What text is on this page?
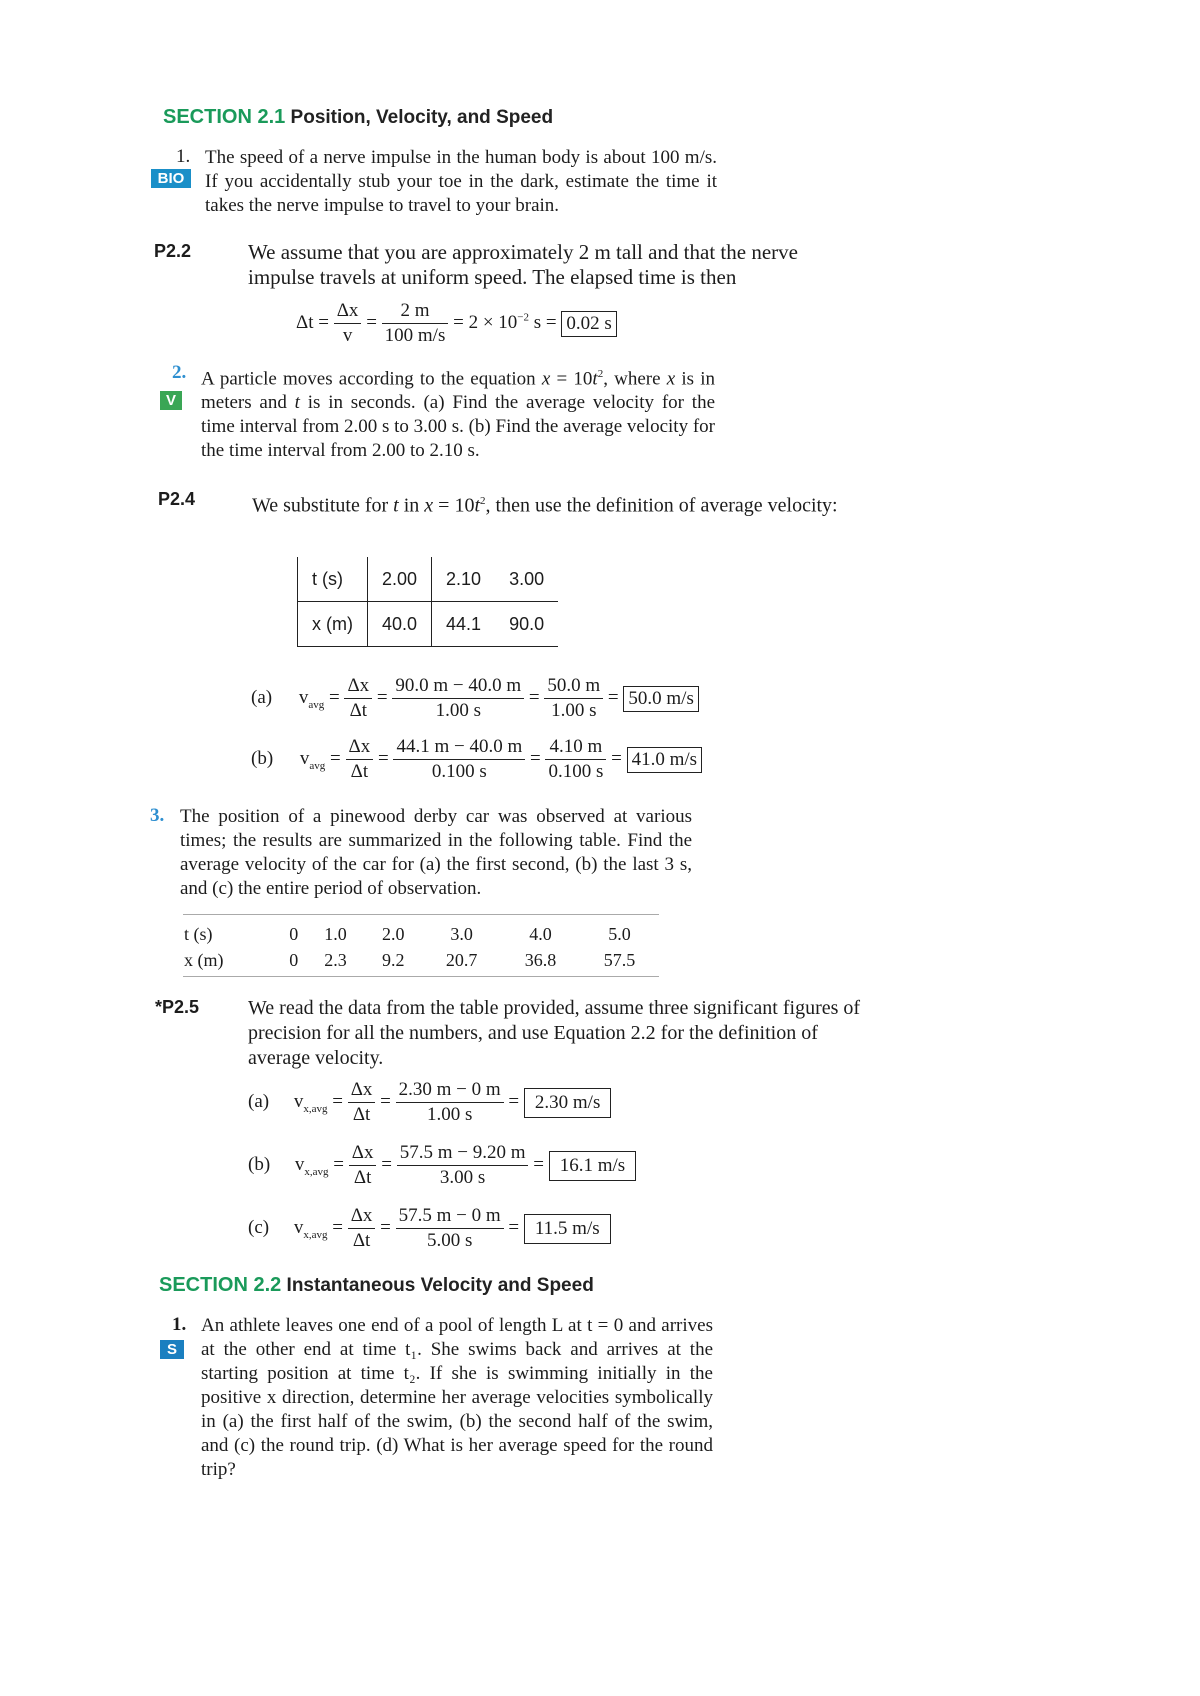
SECTION 2.1 Position, Velocity, and Speed
1.
BIO

The speed of a nerve impulse in the human body is about 100 m/s. If you accidentally stub your toe in the dark, estimate the time it takes the nerve impulse to travel to your brain.

P2.2	We assume that you are approximately 2 m tall and that the nerve impulse travels at uniform speed. The elapsed time is then

$\Delta t = \frac{\Delta x}{v} = \frac{2 m}{100 m/s} = 2 \times 10^{-2}$ s = 0.02 s
2.
V

A particle moves according to the equation $x = 10t^2$, where x is in meters and t is in seconds. (a) Find the average velocity for the time interval from 2.00 s to 3.00 s. (b) Find the average velocity for the time interval from 2.00 to 2.10 s.

P2.4	We substitute for t in $x = 10t^2$, then use the definition of average velocity:

t (s)	2.00	2.10	3.00
x (m)	40.0	44.1	90.0
(a) $v_{avg} = \frac{\Delta x}{\Delta t} = \frac{90.0 m - 40.0 m}{1.00 s} = \frac{50.0 m}{1.00 s} = 50.0$ m/s
(b) $v_{avg} = \frac{\Delta x}{\Delta t} = \frac{44.1 m - 40.0 m}{0.100 s} = \frac{4.10 m}{0.100 s} = 41.0$ m/s
3. The position of a pinewood derby car was observed at various times; the results are summarized in the following table. Find the average velocity of the car for (a) the first second, (b) the last 3 s, and (c) the entire period of observation.

t (s)	0	1.0	2.0	3.0	4.0	5.0
x (m)	0	2.3	9.2	20.7	36.8	57.5
*P2.5 We read the data from the table provided, assume three significant figures of precision for all the numbers, and use Equation 2.2 for the definition of average velocity.

(a) $v_{x,avg} = \frac{\Delta x}{\Delta t} = \frac{2.30 m - 0 m}{1.00 s} = 2.30$ m/s
(b) $v_{x,avg} = \frac{\Delta x}{\Delta t} = \frac{57.5 m - 9.20 m}{3.00 s} = 16.1$ m/s
(c) $v_{x,avg} = \frac{\Delta x}{\Delta t} = \frac{57.5 m - 0 m}{5.00 s} = 11.5$ m/s
SECTION 2.2 Instantaneous Velocity and Speed
1.
S

An athlete leaves one end of a pool of length L at t = 0 and arrives at the other end at time t₁. She swims back and arrives at the starting position at time t₂. If she is swimming initially in the positive x direction, determine her average velocities symbolically in (a) the first half of the swim, (b) the second half of the swim, and (c) the round trip. (d) What is her average speed for the round trip?
